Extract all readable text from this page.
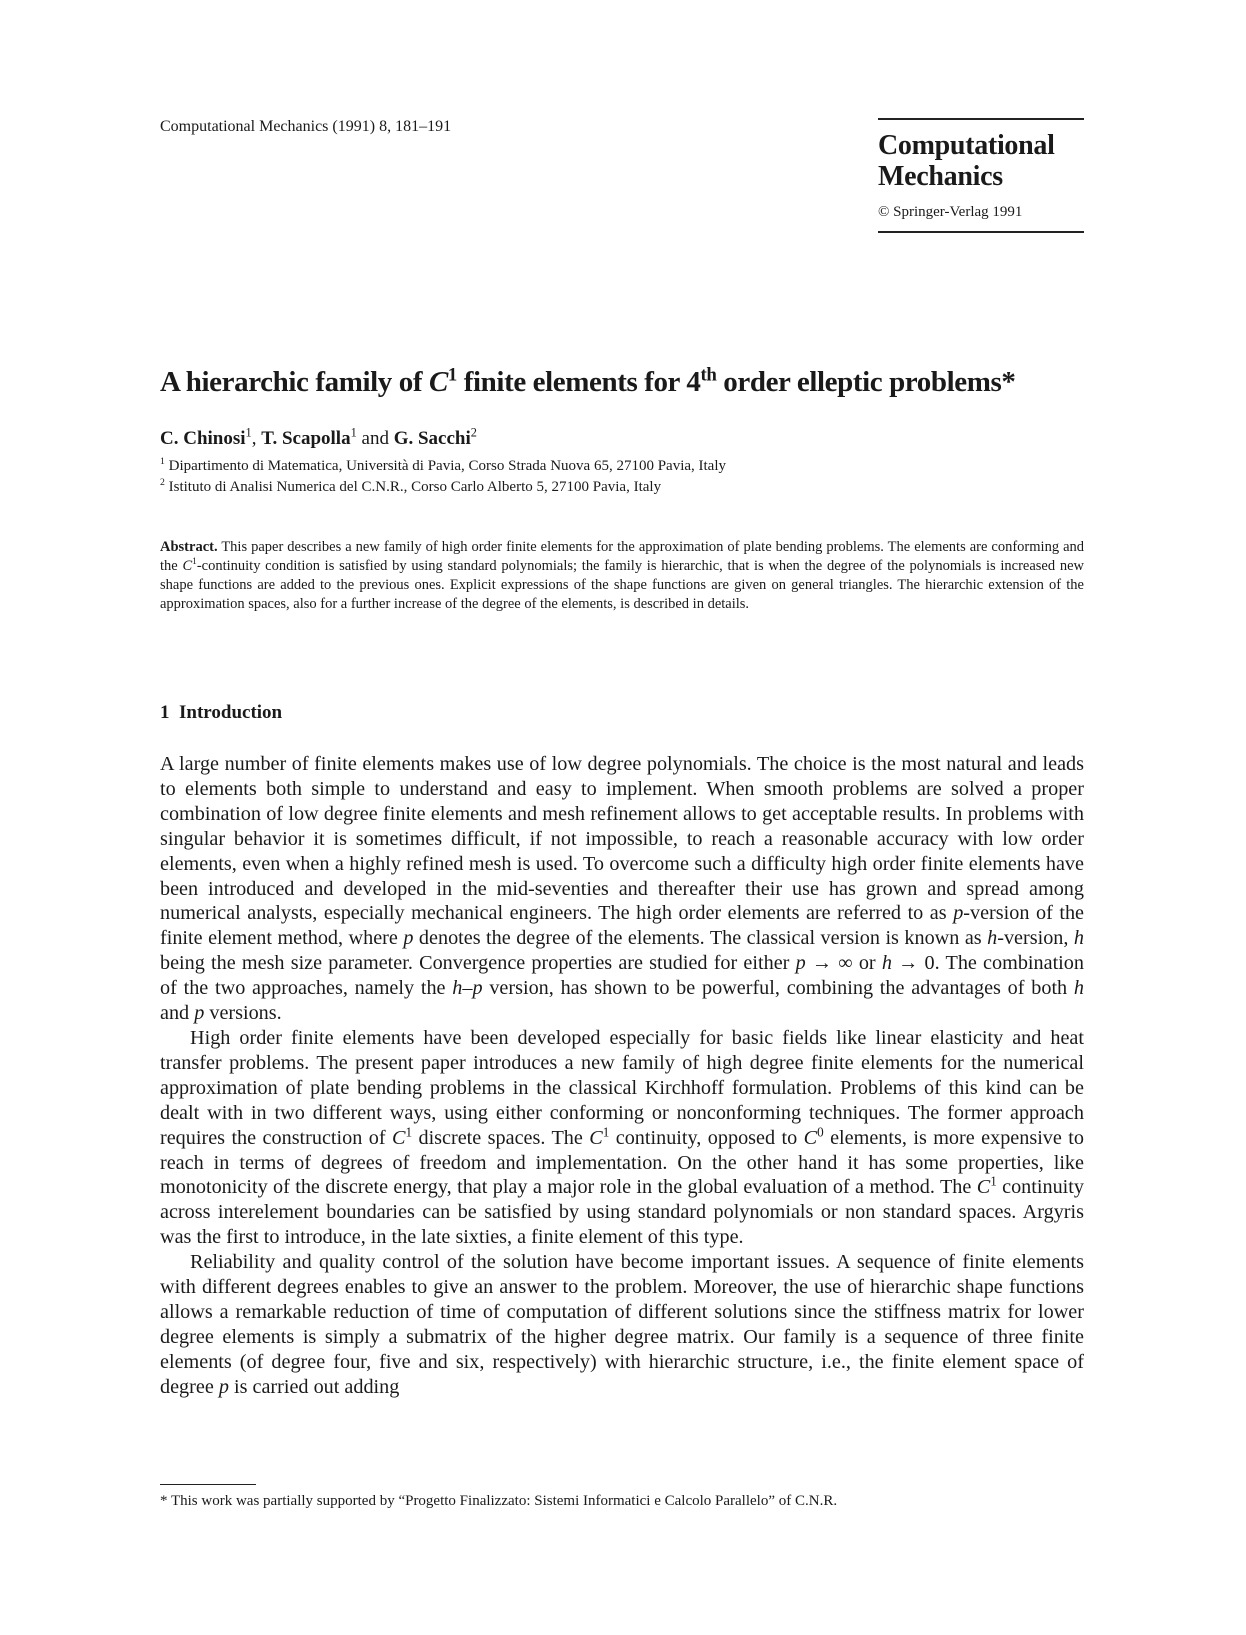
Computational Mechanics (1991) 8, 181–191
Computational
Mechanics
© Springer-Verlag 1991
A hierarchic family of $C^1$ finite elements for 4th order elleptic problems*
C. Chinosi$^1$, T. Scapolla$^1$ and G. Sacchi$^2$
$^1$ Dipartimento di Matematica, Università di Pavia, Corso Strada Nuova 65, 27100 Pavia, Italy
$^2$ Istituto di Analisi Numerica del C.N.R., Corso Carlo Alberto 5, 27100 Pavia, Italy
Abstract. This paper describes a new family of high order finite elements for the approximation of plate bending problems. The elements are conforming and the $C^1$-continuity condition is satisfied by using standard polynomials; the family is hierarchic, that is when the degree of the polynomials is increased new shape functions are added to the previous ones. Explicit expressions of the shape functions are given on general triangles. The hierarchic extension of the approximation spaces, also for a further increase of the degree of the elements, is described in details.
1 Introduction

A large number of finite elements makes use of low degree polynomials. The choice is the most natural and leads to elements both simple to understand and easy to implement. When smooth problems are solved a proper combination of low degree finite elements and mesh refinement allows to get acceptable results. In problems with singular behavior it is sometimes difficult, if not impossible, to reach a reasonable accuracy with low order elements, even when a highly refined mesh is used. To overcome such a difficulty high order finite elements have been introduced and developed in the mid-seventies and thereafter their use has grown and spread among numerical analysts, especially mechanical engineers. The high order elements are referred to as p-version of the finite element method, where p denotes the degree of the elements. The classical version is known as h-version, h being the mesh size parameter. Convergence properties are studied for either p → ∞ or h → 0. The combination of the two approaches, namely the h–p version, has shown to be powerful, combining the advantages of both h and p versions.

High order finite elements have been developed especially for basic fields like linear elasticity and heat transfer problems. The present paper introduces a new family of high degree finite elements for the numerical approximation of plate bending problems in the classical Kirchhoff formulation. Problems of this kind can be dealt with in two different ways, using either conforming or nonconforming techniques. The former approach requires the construction of $C^1$ discrete spaces. The $C^1$ continuity, opposed to $C^0$ elements, is more expensive to reach in terms of degrees of freedom and implementation. On the other hand it has some properties, like monotonicity of the discrete energy, that play a major role in the global evaluation of a method. The $C^1$ continuity across interelement boundaries can be satisfied by using standard polynomials or non standard spaces. Argyris was the first to introduce, in the late sixties, a finite element of this type.

Reliability and quality control of the solution have become important issues. A sequence of finite elements with different degrees enables to give an answer to the problem. Moreover, the use of hierarchic shape functions allows a remarkable reduction of time of computation of different solutions since the stiffness matrix for lower degree elements is simply a submatrix of the higher degree matrix. Our family is a sequence of three finite elements (of degree four, five and six, respectively) with hierarchic structure, i.e., the finite element space of degree p is carried out adding

* This work was partially supported by “Progetto Finalizzato: Sistemi Informatici e Calcolo Parallelo” of C.N.R.
